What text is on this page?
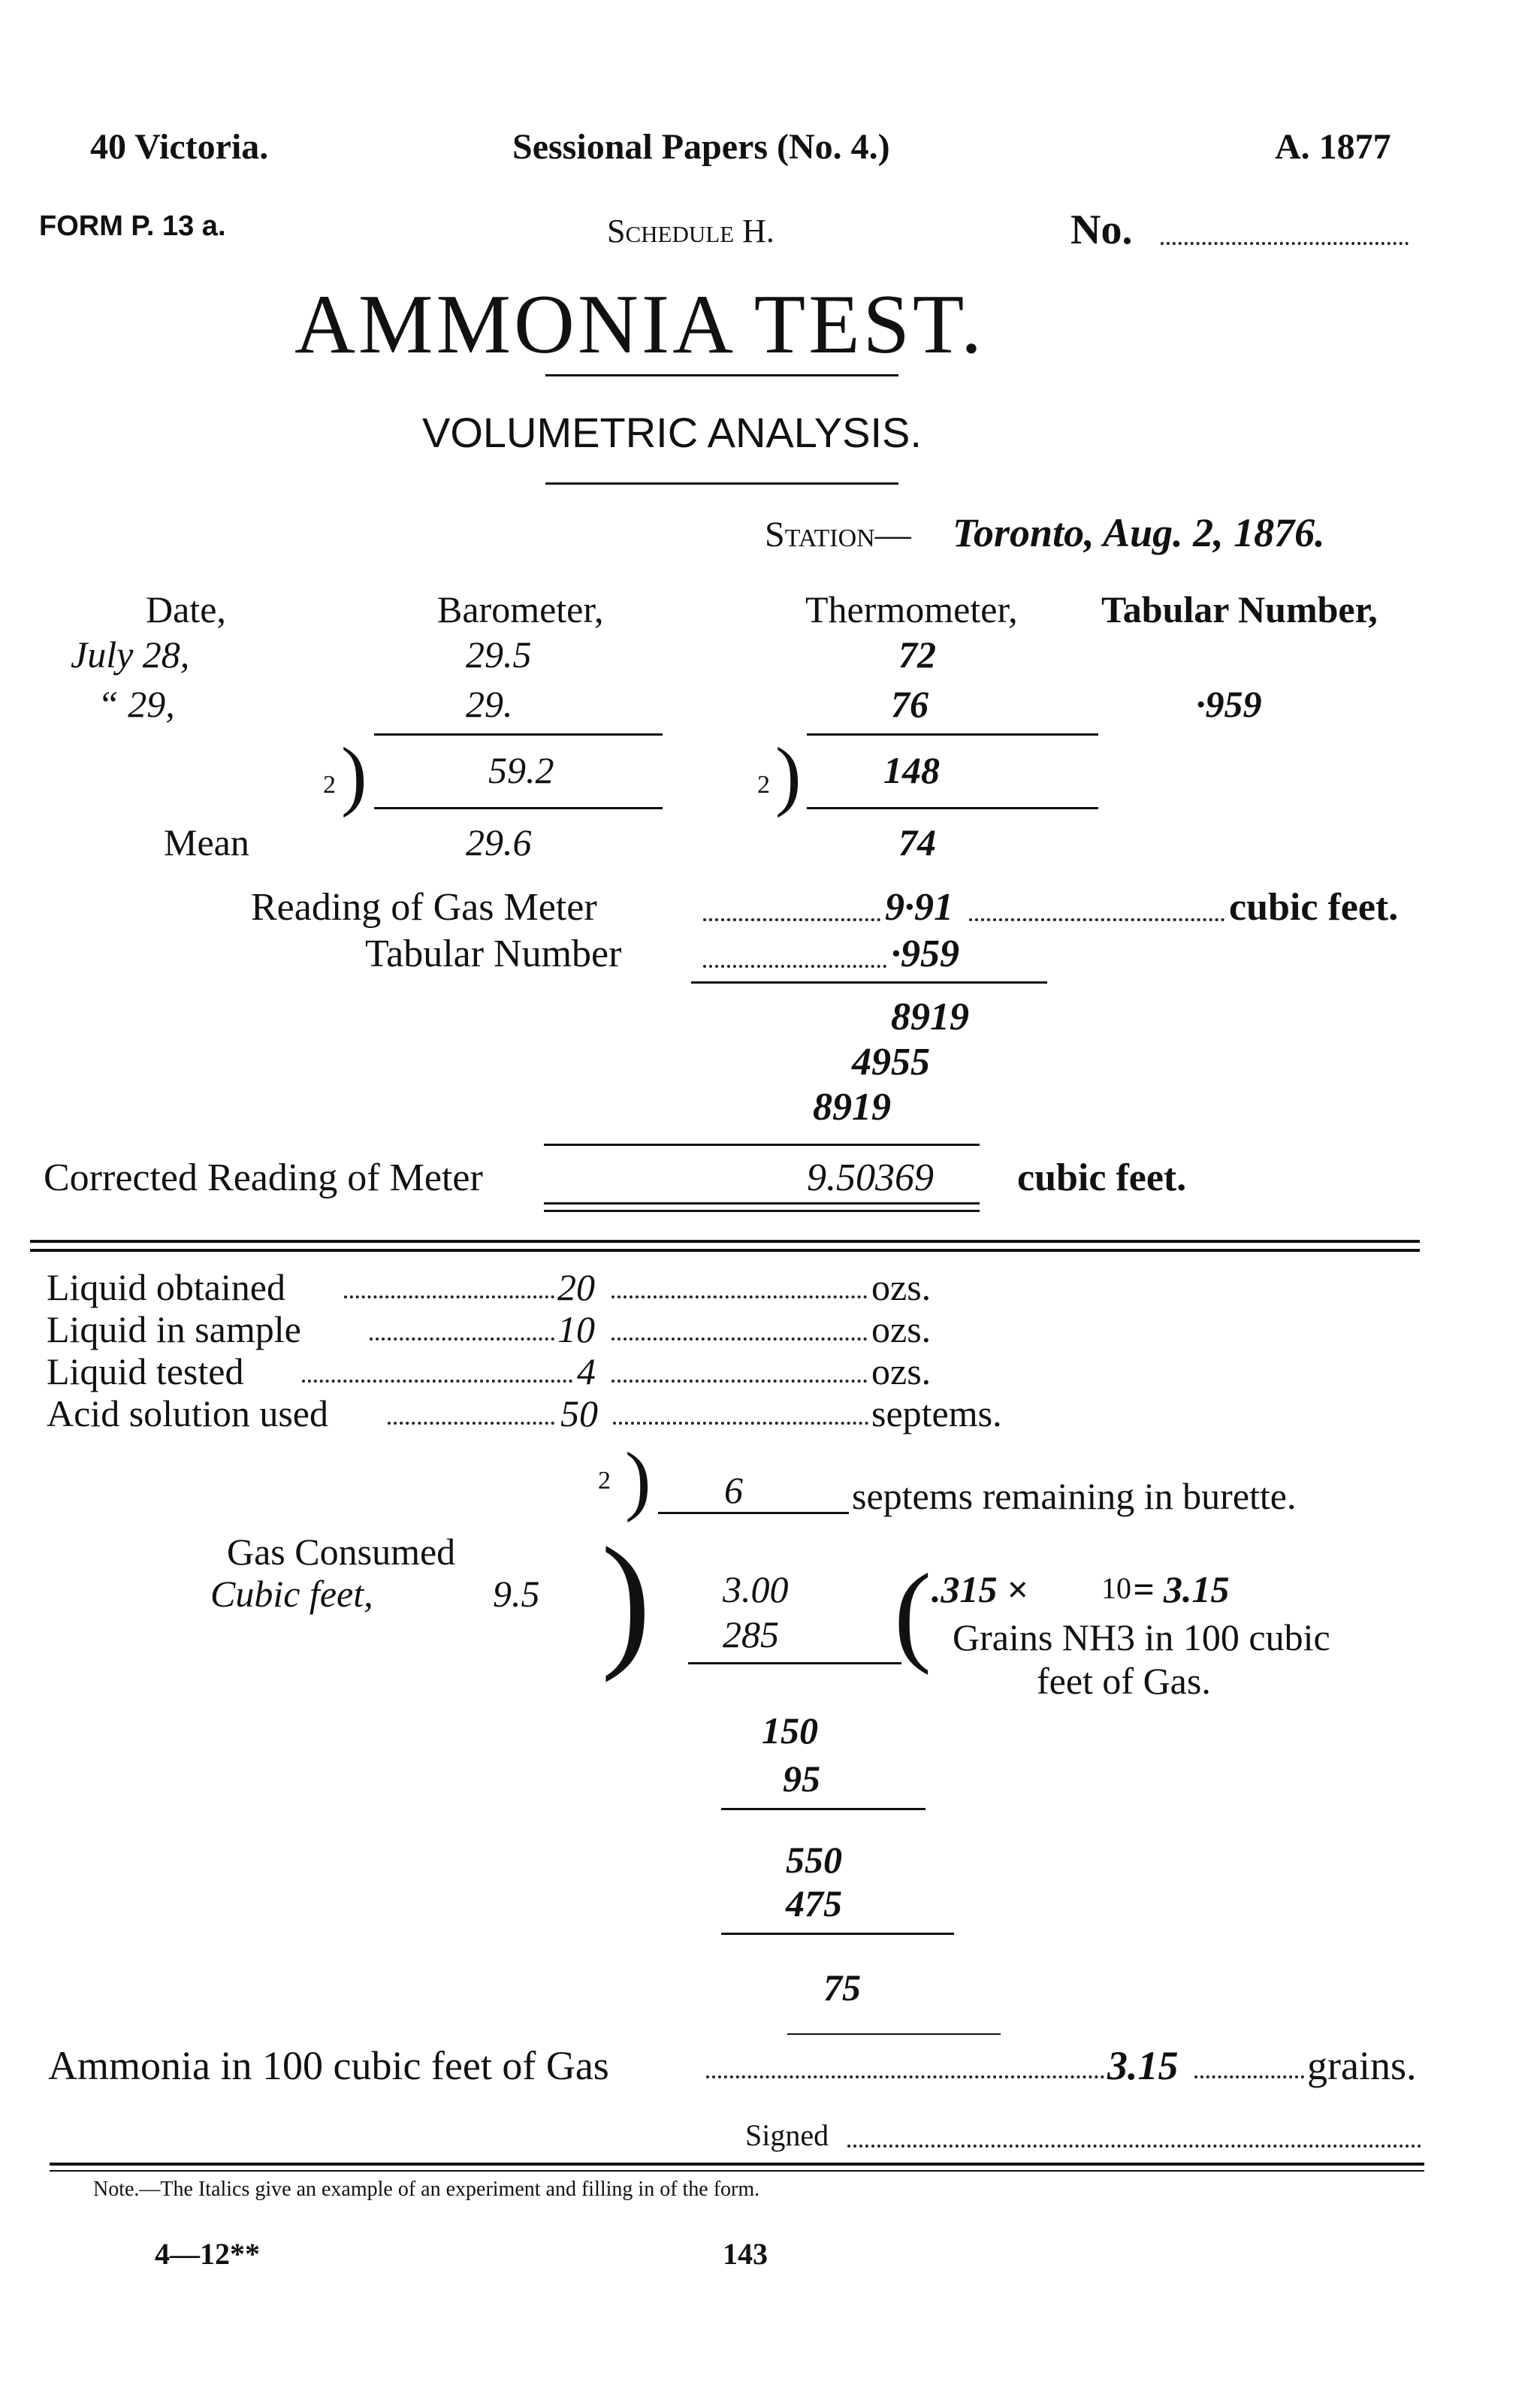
40 Victoria.	Sessional Papers (No. 4.)	A. 1877
FORM P. 13 a.	Schedule H.	No.
AMMONIA TEST.
VOLUMETRIC ANALYSIS.
Station— Toronto, Aug. 2, 1876.
Date,	Barometer,	Thermometer, Tabular Number,
July 28,	29.5	72
“ 29,	29.	76	·959
2 )	59.2	2 ) 148
Mean	29.6	74
Reading of Gas Meter	9·91	cubic feet.
Tabular Number	·959
8919
4955
8919
Corrected Reading of Meter	9.50369 cubic feet.
Liquid obtained	20	ozs.
Liquid in sample	10	ozs.
Liquid tested	4	ozs.
Acid solution used	50	septems.
2 ) 6	septems remaining in burette.
Gas Consumed
Cubic feet,	9.5 ) 3.00
285
150
95
550
475
75
( .315 × 10 = 3.15
Grains NH3 in 100 cubic
feet of Gas.
Ammonia in 100 cubic feet of Gas	3.15	grains.
Signed
Note.—The Italics give an example of an experiment and filling in of the form.
4—12**	143
